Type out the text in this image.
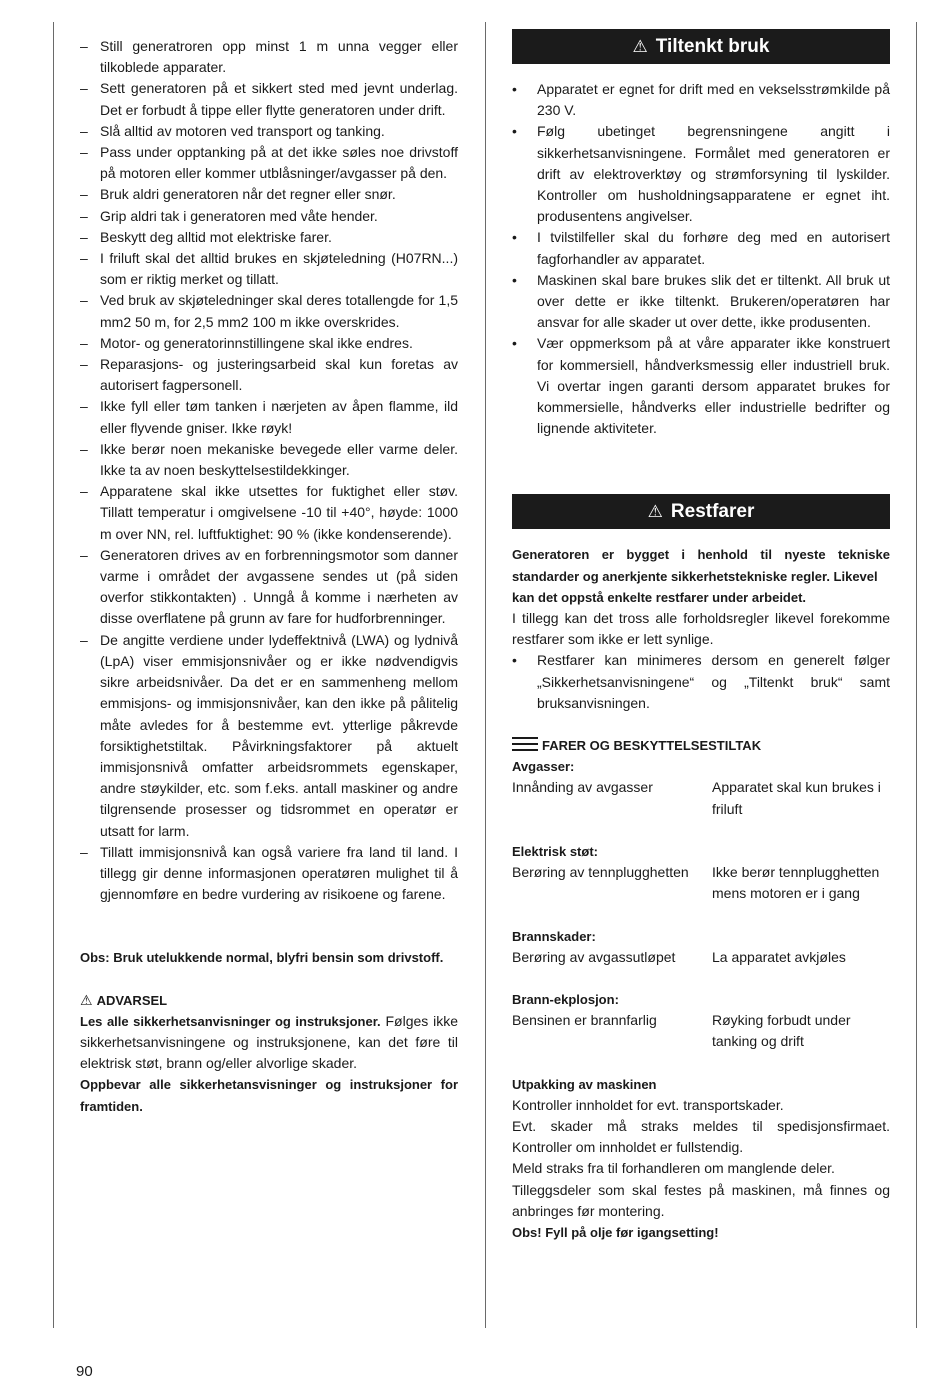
– Still generatroren opp minst 1 m unna vegger eller tilkoblede apparater.
– Sett generatoren på et sikkert sted med jevnt underlag. Det er forbudt å tippe eller flytte generatoren under drift.
– Slå alltid av motoren ved transport og tanking.
– Pass under opptanking på at det ikke søles noe drivstoff på motoren eller kommer utblåsninger/avgasser på den.
– Bruk aldri generatoren når det regner eller snør.
– Grip aldri tak i generatoren med våte hender.
– Beskytt deg alltid mot elektriske farer.
– I friluft skal det alltid brukes en skjøteledning (H07RN...) som er riktig merket og tillatt.
– Ved bruk av skjøteledninger skal deres totallengde for 1,5 mm2 50 m, for 2,5 mm2 100 m ikke overskrides.
– Motor- og generatorinnstillingene skal ikke endres.
– Reparasjons- og justeringsarbeid skal kun foretas av autorisert fagpersonell.
– Ikke fyll eller tøm tanken i nærjeten av åpen flamme, ild eller flyvende gniser. Ikke røyk!
– Ikke berør noen mekaniske bevegede eller varme deler. Ikke ta av noen beskyttelsestildekkinger.
– Apparatene skal ikke utsettes for fuktighet eller støv. Tillatt temperatur i omgivelsene -10 til +40°, høyde: 1000 m over NN, rel. luftfuktighet: 90 % (ikke kondenserende).
– Generatoren drives av en forbrenningsmotor som danner varme i området der avgassene sendes ut (på siden overfor stikkontakten) . Unngå å komme i nærheten av disse overflatene på grunn av fare for hudforbrenninger.
– De angitte verdiene under lydeffektnivå (LWA) og lydnivå (LpA) viser emmisjonsnivåer og er ikke nødvendigvis sikre arbeidsnivåer. Da det er en sammenheng mellom emmisjons- og immisjonsnivåer, kan den ikke på pålitelig måte avledes for å bestemme evt. ytterlige påkrevde forsiktighetstiltak. Påvirkningsfaktorer på aktuelt immisjonsnivå omfatter arbeidsrommets egenskaper, andre støykilder, etc. som f.eks. antall maskiner og andre tilgrensende prosesser og tidsrommet en operatør er utsatt for larm.
– Tillatt immisjonsnivå kan også variere fra land til land. I tillegg gir denne informasjonen operatøren mulighet til å gjennomføre en bedre vurdering av risikoene og farene.

Obs: Bruk utelukkende normal, blyfri bensin som drivstoff.

⚠ ADVARSEL

Les alle sikkerhetsanvisninger og instruksjoner. Følges ikke sikkerhetsanvisningene og instruksjonene, kan det føre til elektrisk støt, brann og/eller alvorlige skader.

Oppbevar alle sikkerhetansvisninger og instruksjoner for framtiden.

⚠ Tiltenkt bruk
• Apparatet er egnet for drift med en vekselsstrømkilde på 230 V.
• Følg ubetinget begrensningene angitt i sikkerhetsanvisningene. Formålet med generatoren er drift av elektroverktøy og strømforsyning til lyskilder. Kontroller om husholdningsapparatene er egnet iht. produsentens angivelser.
• I tvilstilfeller skal du forhøre deg med en autorisert fagforhandler av apparatet.
• Maskinen skal bare brukes slik det er tiltenkt. All bruk ut over dette er ikke tiltenkt. Brukeren/operatøren har ansvar for alle skader ut over dette, ikke produsenten.
• Vær oppmerksom på at våre apparater ikke konstruert for kommersiell, håndverksmessig eller industriell bruk. Vi overtar ingen garanti dersom apparatet brukes for kommersielle, håndverks eller industrielle bedrifter og lignende aktiviteter.
⚠ Restfarer

Generatoren er bygget i henhold til nyeste tekniske standarder og anerkjente sikkerhetstekniske regler. Likevel

kan det oppstå enkelte restfarer under arbeidet.

I tillegg kan det tross alle forholdsregler likevel forekomme restfarer som ikke er lett synlige.

• Restfarer kan minimeres dersom en generelt følger „Sikkerhetsanvisningene“ og „Tiltenkt bruk“ samt bruksanvisningen.

FARER OG BESKYTTELSESTILTAK

Avgasser:

Innånding av avgasser	Apparatet skal kun brukes i friluft

Elektrisk støt:

Berøring av tennplugghetten	Ikke berør tennplugghetten mens motoren er i gang

Brannskader:

Berøring av avgassutløpet	La apparatet avkjøles

Brann-ekplosjon:

Bensinen er brannfarlig	Røyking forbudt under tanking og drift

Utpakking av maskinen

Kontroller innholdet for evt. transportskader.

Evt. skader må straks meldes til spedisjonsfirmaet. Kontroller om innholdet er fullstendig.

Meld straks fra til forhandleren om manglende deler.

Tilleggsdeler som skal festes på maskinen, må finnes og anbringes før montering.

Obs! Fyll på olje før igangsetting!

90
